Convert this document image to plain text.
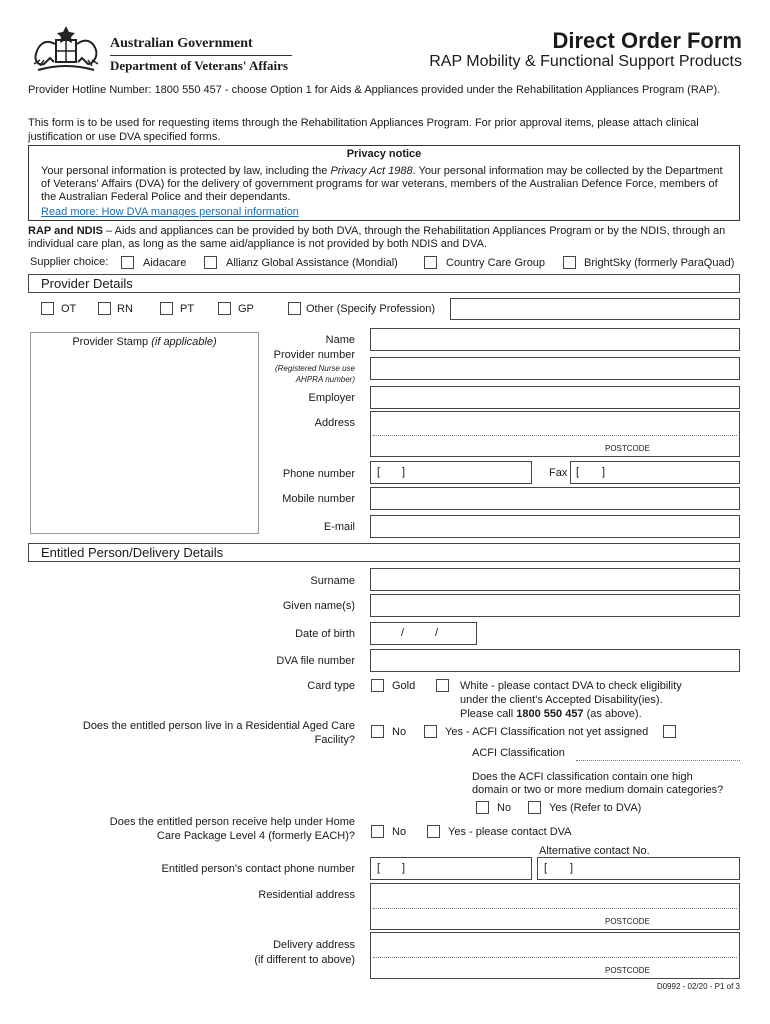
Australian Government
Department of Veterans' Affairs
Direct Order Form
RAP Mobility & Functional Support Products
Provider Hotline Number: 1800 550 457 - choose Option 1 for Aids & Appliances provided under the Rehabilitation Appliances Program (RAP).
This form is to be used for requesting items through the Rehabilitation Appliances Program. For prior approval items, please attach clinical justification or use DVA specified forms.
Privacy notice
Your personal information is protected by law, including the Privacy Act 1988. Your personal information may be collected by the Department of Veterans' Affairs (DVA) for the delivery of government programs for war veterans, members of the Australian Defence Force, members of the Australian Federal Police and their dependants.
Read more: How DVA manages personal information
RAP and NDIS – Aids and appliances can be provided by both DVA, through the Rehabilitation Appliances Program or by the NDIS, through an individual care plan, as long as the same aid/appliance is not provided by both NDIS and DVA.
Supplier choice:	Aidacare	Allianz Global Assistance (Mondial)	Country Care Group	BrightSky (formerly ParaQuad)
Provider Details
OT	RN	PT	GP	Other (Specify Profession)
Provider Stamp (if applicable)	Name
Provider number
(Registered Nurse use
AHPRA number)
Employer
Address
POSTCODE
Phone number [ ]	Fax [ ]
Mobile number
E-mail
Entitled Person/Delivery Details
Surname
Given name(s)
Date of birth	/	/
DVA file number
Card type	Gold	White - please contact DVA to check eligibility
under the client's Accepted Disability(ies).
Please call 1800 550 457 (as above).
Does the entitled person live in a Residential Aged Care
Facility?
No	Yes - ACFI Classification not yet assigned
ACFI Classification
Does the ACFI classification contain one high
domain or two or more medium domain categories?
No	Yes (Refer to DVA)
Does the entitled person receive help under Home
Care Package Level 4 (formerly EACH)?	No	Yes - please contact DVA
Alternative contact No.
Entitled person's contact phone number [ ]	[ ]
Residential address
POSTCODE
Delivery address
(if different to above)
POSTCODE
D0992 - 02/20 - P1 of 3
